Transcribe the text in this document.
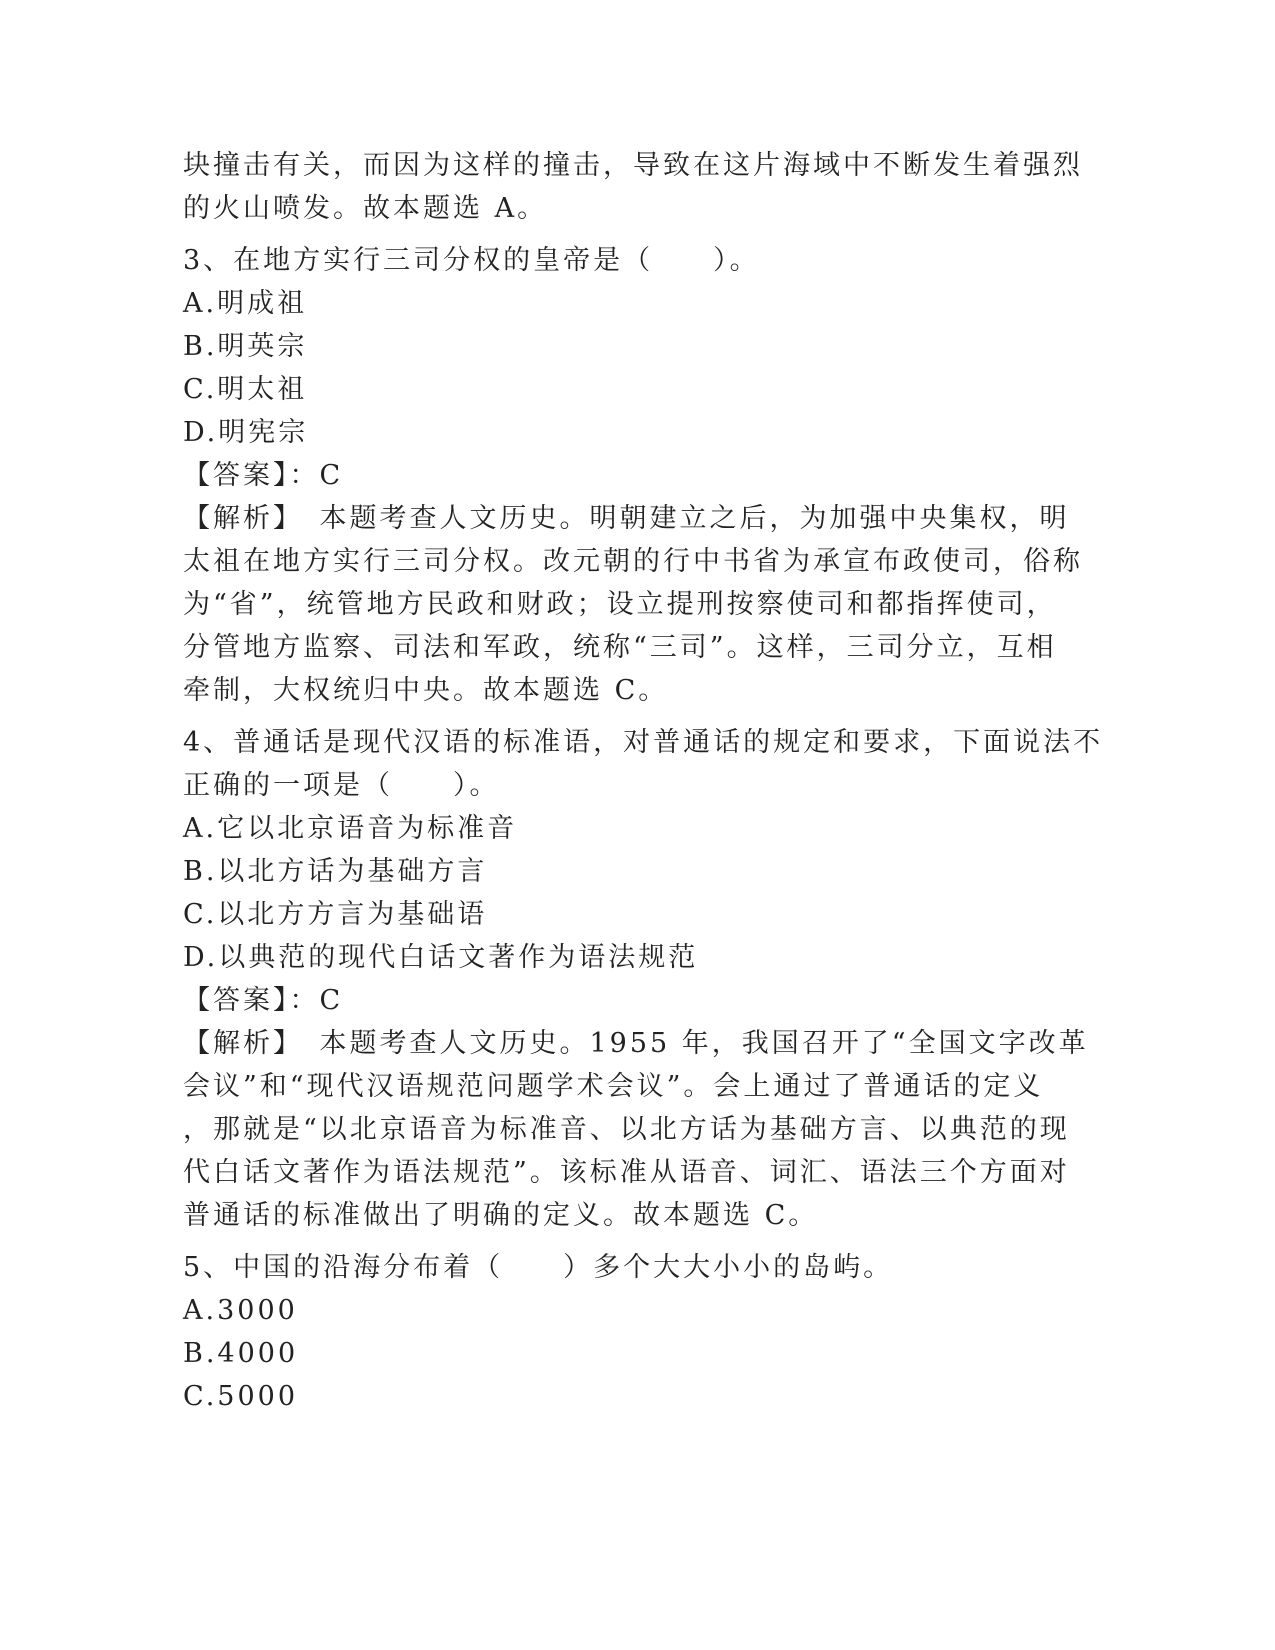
块撞击有关，而因为这样的撞击，导致在这片海域中不断发生着强烈
的火山喷发。故本题选 A。
3、在地方实行三司分权的皇帝是（　　）。
A.明成祖
B.明英宗
C.明太祖
D.明宪宗
【答案】：C
【解析】　本题考查人文历史。明朝建立之后，为加强中央集权，明
太祖在地方实行三司分权。改元朝的行中书省为承宣布政使司，俗称
为“省”，统管地方民政和财政；设立提刑按察使司和都指挥使司，
分管地方监察、司法和军政，统称“三司”。这样，三司分立，互相
牵制，大权统归中央。故本题选 C。
4、普通话是现代汉语的标准语，对普通话的规定和要求，下面说法不
正确的一项是（　　）。
A.它以北京语音为标准音
B.以北方话为基础方言
C.以北方方言为基础语
D.以典范的现代白话文著作为语法规范
【答案】：C
【解析】　本题考查人文历史。1955 年，我国召开了“全国文字改革
会议”和“现代汉语规范问题学术会议”。会上通过了普通话的定义
，那就是“以北京语音为标准音、以北方话为基础方言、以典范的现
代白话文著作为语法规范”。该标准从语音、词汇、语法三个方面对
普通话的标准做出了明确的定义。故本题选 C。
5、中国的沿海分布着（　　）多个大大小小的岛屿。
A.3000
B.4000
C.5000
